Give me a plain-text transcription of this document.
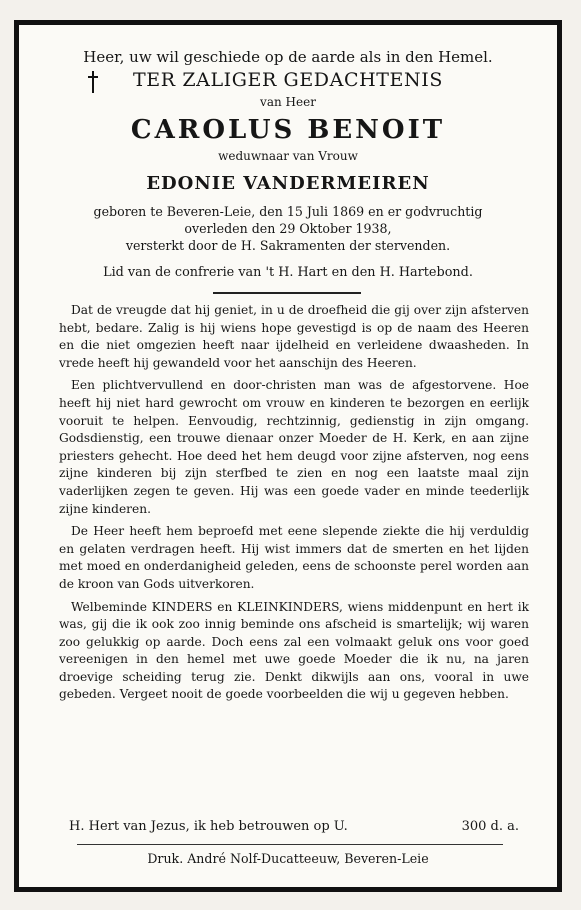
Heer, uw wil geschiede op de aarde als in den Hemel.
TER ZALIGER GEDACHTENIS
van Heer
CAROLUS BENOIT
weduwnaar van Vrouw
EDONIE VANDERMEIREN
geboren te Beveren-Leie, den 15 Juli 1869 en er godvruchtig overleden den 29 Oktober 1938,
versterkt door de H. Sakramenten der stervenden.
Lid van de confrerie van 't H. Hart en den H. Hartebond.

Dat de vreugde dat hij geniet, in u de droefheid die gij over zijn afsterven hebt, bedare. Zalig is hij wiens hope gevestigd is op de naam des Heeren en die niet omgezien heeft naar ijdelheid en verleidene dwaasheden. In vrede heeft hij gewandeld voor het aanschijn des Heeren.

Een plichtvervullend en door-christen man was de afgestorvene. Hoe heeft hij niet hard gewrocht om vrouw en kinderen te bezorgen en eerlijk vooruit te helpen. Eenvoudig, rechtzinnig, gedienstig in zijn omgang. Godsdienstig, een trouwe dienaar onzer Moeder de H. Kerk, en aan zijne priesters gehecht. Hoe deed het hem deugd voor zijne afsterven, nog eens zijne kinderen bij zijn sterfbed te zien en nog een laatste maal zijn vaderlijken zegen te geven. Hij was een goede vader en minde teederlijk zijne kinderen.

De Heer heeft hem beproefd met eene slepende ziekte die hij verduldig en gelaten verdragen heeft. Hij wist immers dat de smerten en het lijden met moed en onderdanigheid geleden, eens de schoonste perel worden aan de kroon van Gods uitverkoren.

Welbeminde KINDERS en KLEINKINDERS, wiens middenpunt en hert ik was, gij die ik ook zoo innig beminde ons afscheid is smartelijk; wij waren zoo gelukkig op aarde. Doch eens zal een volmaakt geluk ons voor goed vereenigen in den hemel met uwe goede Moeder die ik nu, na jaren droevige scheiding terug zie. Denkt dikwijls aan ons, vooral in uwe gebeden. Vergeet nooit de goede voorbeelden die wij u gegeven hebben.

H. Hert van Jezus, ik heb betrouwen op U.	300 d. a.
Druk. André Nolf-Ducatteeuw, Beveren-Leie
